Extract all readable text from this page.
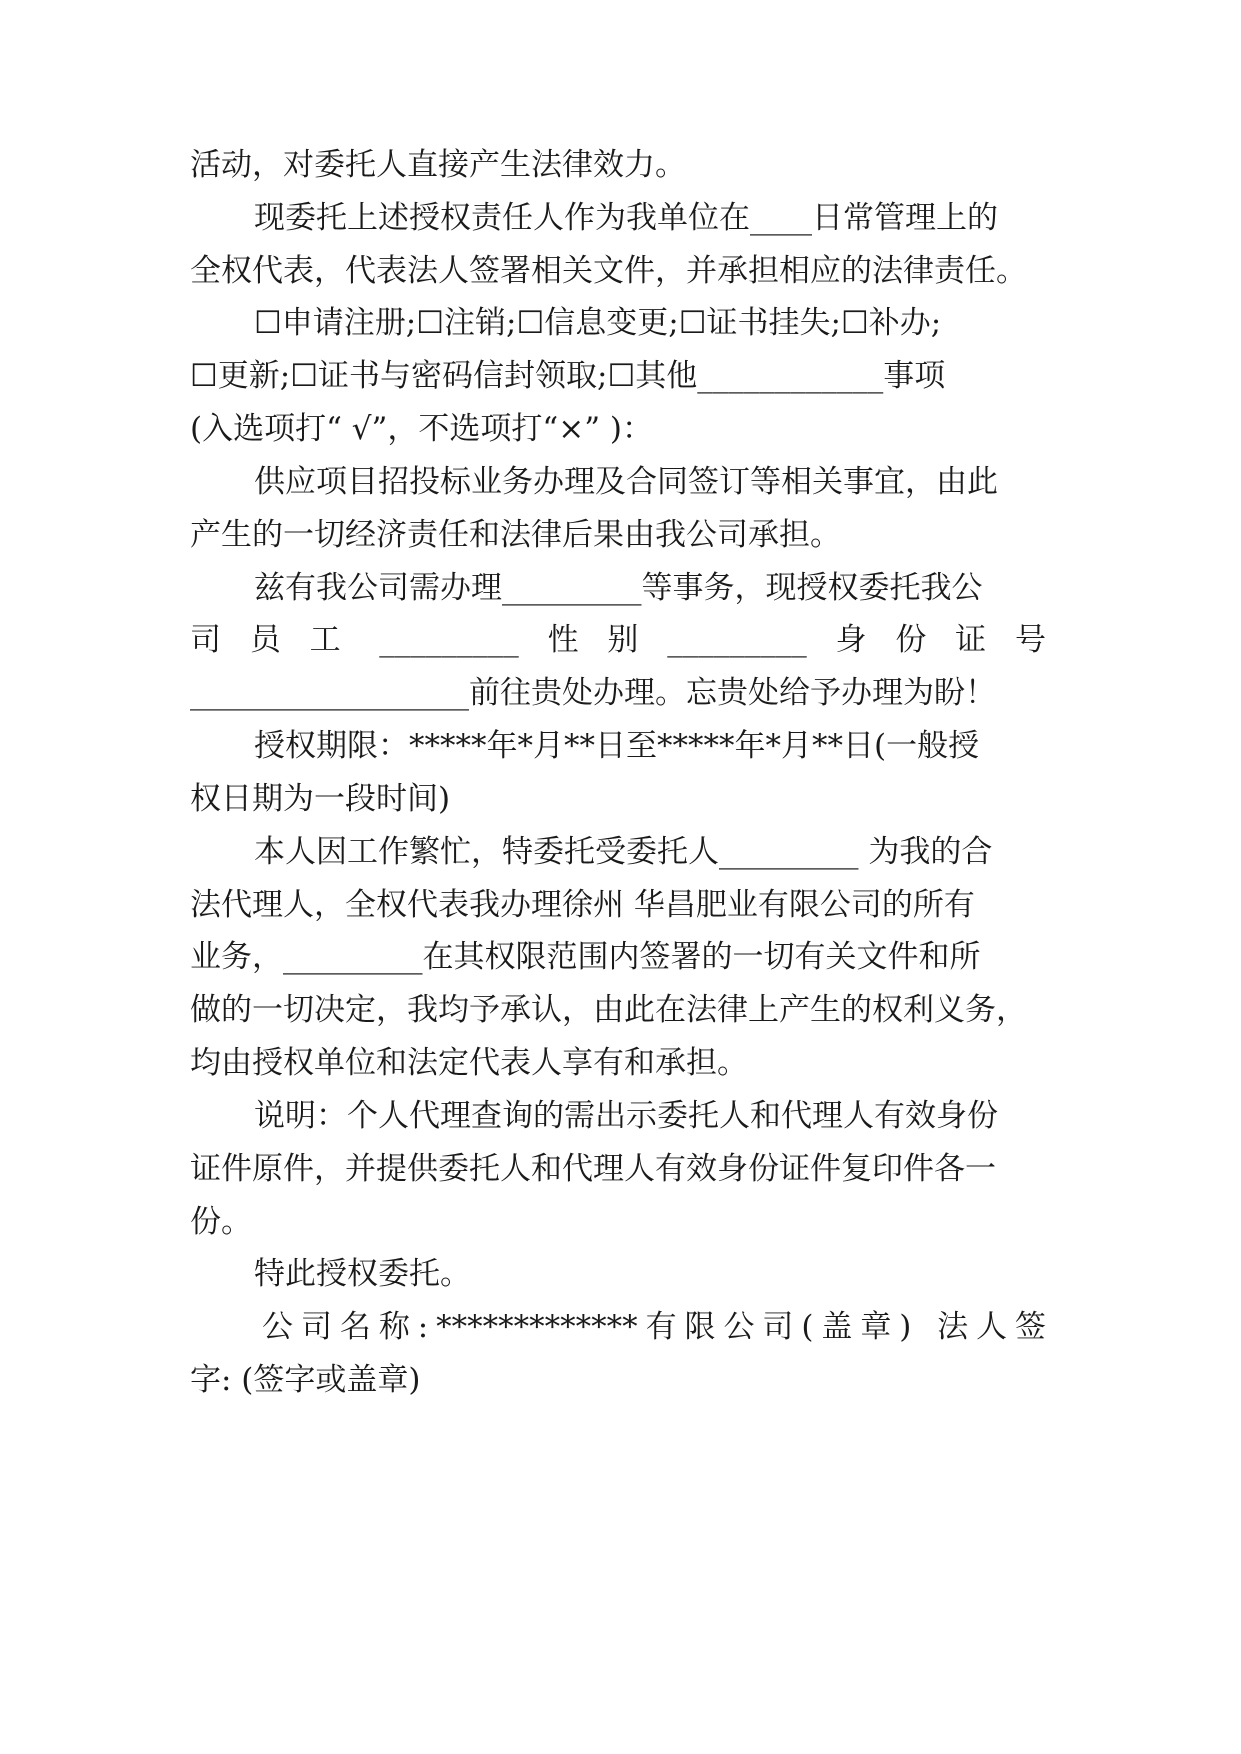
活动，对委托人直接产生法律效力。
现委托上述授权责任人作为我单位在____日常管理上的
全权代表，代表法人签署相关文件，并承担相应的法律责任。
☐申请注册;☐注销;☐信息变更;☐证书挂失;☐补办;
☐更新;☐证书与密码信封领取;☐其他____________事项
(入选项打“ √”，不选项打“×” )：
供应项目招投标业务办理及合同签订等相关事宜，由此
产生的一切经济责任和法律后果由我公司承担。
兹有我公司需办理_________等事务，现授权委托我公
司 员 工 _________ 性 别 _________ 身 份 证 号
__________________前往贵处办理。忘贵处给予办理为盼！
授权期限：*****年*月**日至*****年*月**日(一般授
权日期为一段时间)
本人因工作繁忙，特委托受委托人_________ 为我的合
法代理人，全权代表我办理徐州 华昌肥业有限公司的所有
业务，_________在其权限范围内签署的一切有关文件和所
做的一切决定，我均予承认，由此在法律上产生的权利义务，
均由授权单位和法定代表人享有和承担。
说明：个人代理查询的需出示委托人和代理人有效身份
证件原件，并提供委托人和代理人有效身份证件复印件各一
份。
特此授权委托。
公 司 名 称 : ************* 有 限 公 司 ( 盖 章 )
法 人 签
字: (签字或盖章)
